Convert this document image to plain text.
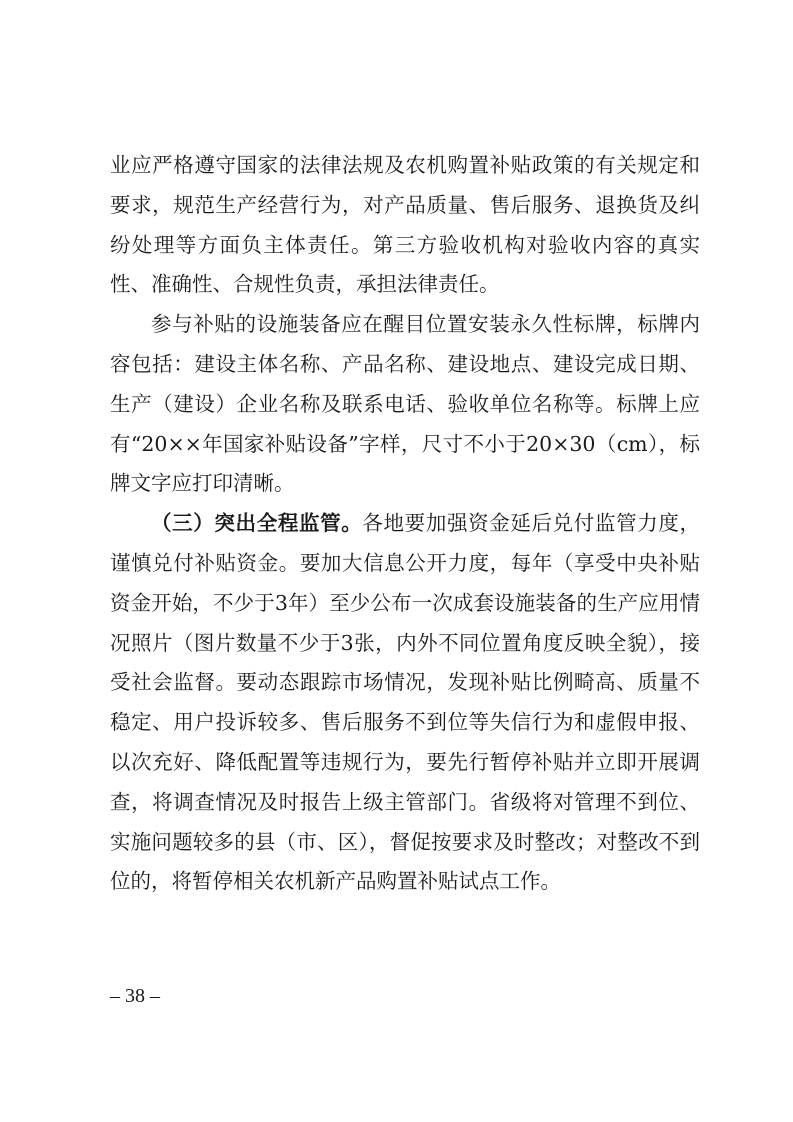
业应严格遵守国家的法律法规及农机购置补贴政策的有关规定和要求，规范生产经营行为，对产品质量、售后服务、退换货及纠纷处理等方面负主体责任。第三方验收机构对验收内容的真实性、准确性、合规性负责，承担法律责任。

参与补贴的设施装备应在醒目位置安装永久性标牌，标牌内容包括：建设主体名称、产品名称、建设地点、建设完成日期、生产（建设）企业名称及联系电话、验收单位名称等。标牌上应有“20××年国家补贴设备”字样，尺寸不小于20×30（cm），标牌文字应打印清晰。

（三）突出全程监管。各地要加强资金延后兑付监管力度，谨慎兑付补贴资金。要加大信息公开力度，每年（享受中央补贴资金开始，不少于3年）至少公布一次成套设施装备的生产应用情况照片（图片数量不少于3张，内外不同位置角度反映全貌），接受社会监督。要动态跟踪市场情况，发现补贴比例畸高、质量不稳定、用户投诉较多、售后服务不到位等失信行为和虚假申报、以次充好、降低配置等违规行为，要先行暂停补贴并立即开展调查，将调查情况及时报告上级主管部门。省级将对管理不到位、实施问题较多的县（市、区），督促按要求及时整改；对整改不到位的，将暂停相关农机新产品购置补贴试点工作。

– 38 –
